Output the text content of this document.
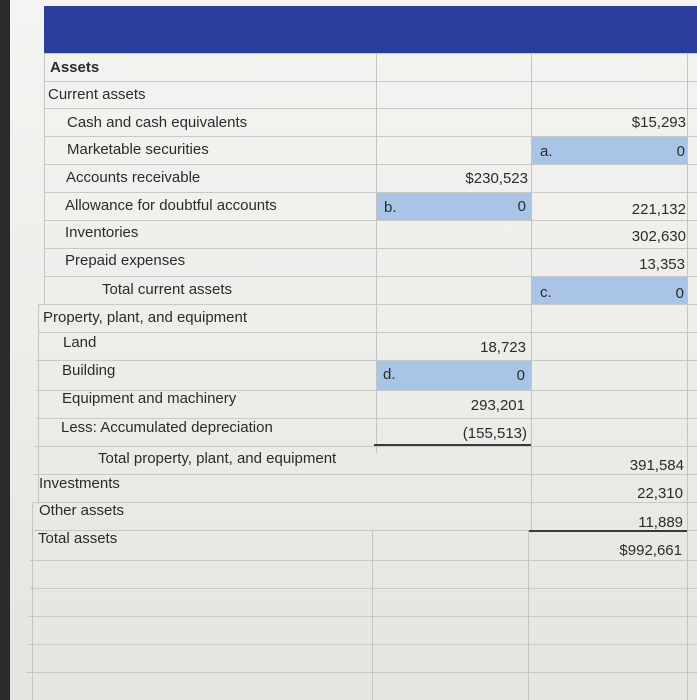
Assets
Current assets
Cash and cash equivalents
Marketable securities
Accounts receivable
Allowance for doubtful accounts
Inventories
Prepaid expenses
Total current assets
Property, plant, and equipment
Land
Building
Equipment and machinery
Less: Accumulated depreciation
Total property, plant, and equipment
Investments
Other assets
Total assets
a.
b.
c.
d.
$230,523
0
18,723
0
293,201
(155,513)
$15,293
0
221,132
302,630
13,353
0
391,584
22,310
11,889
$992,661
